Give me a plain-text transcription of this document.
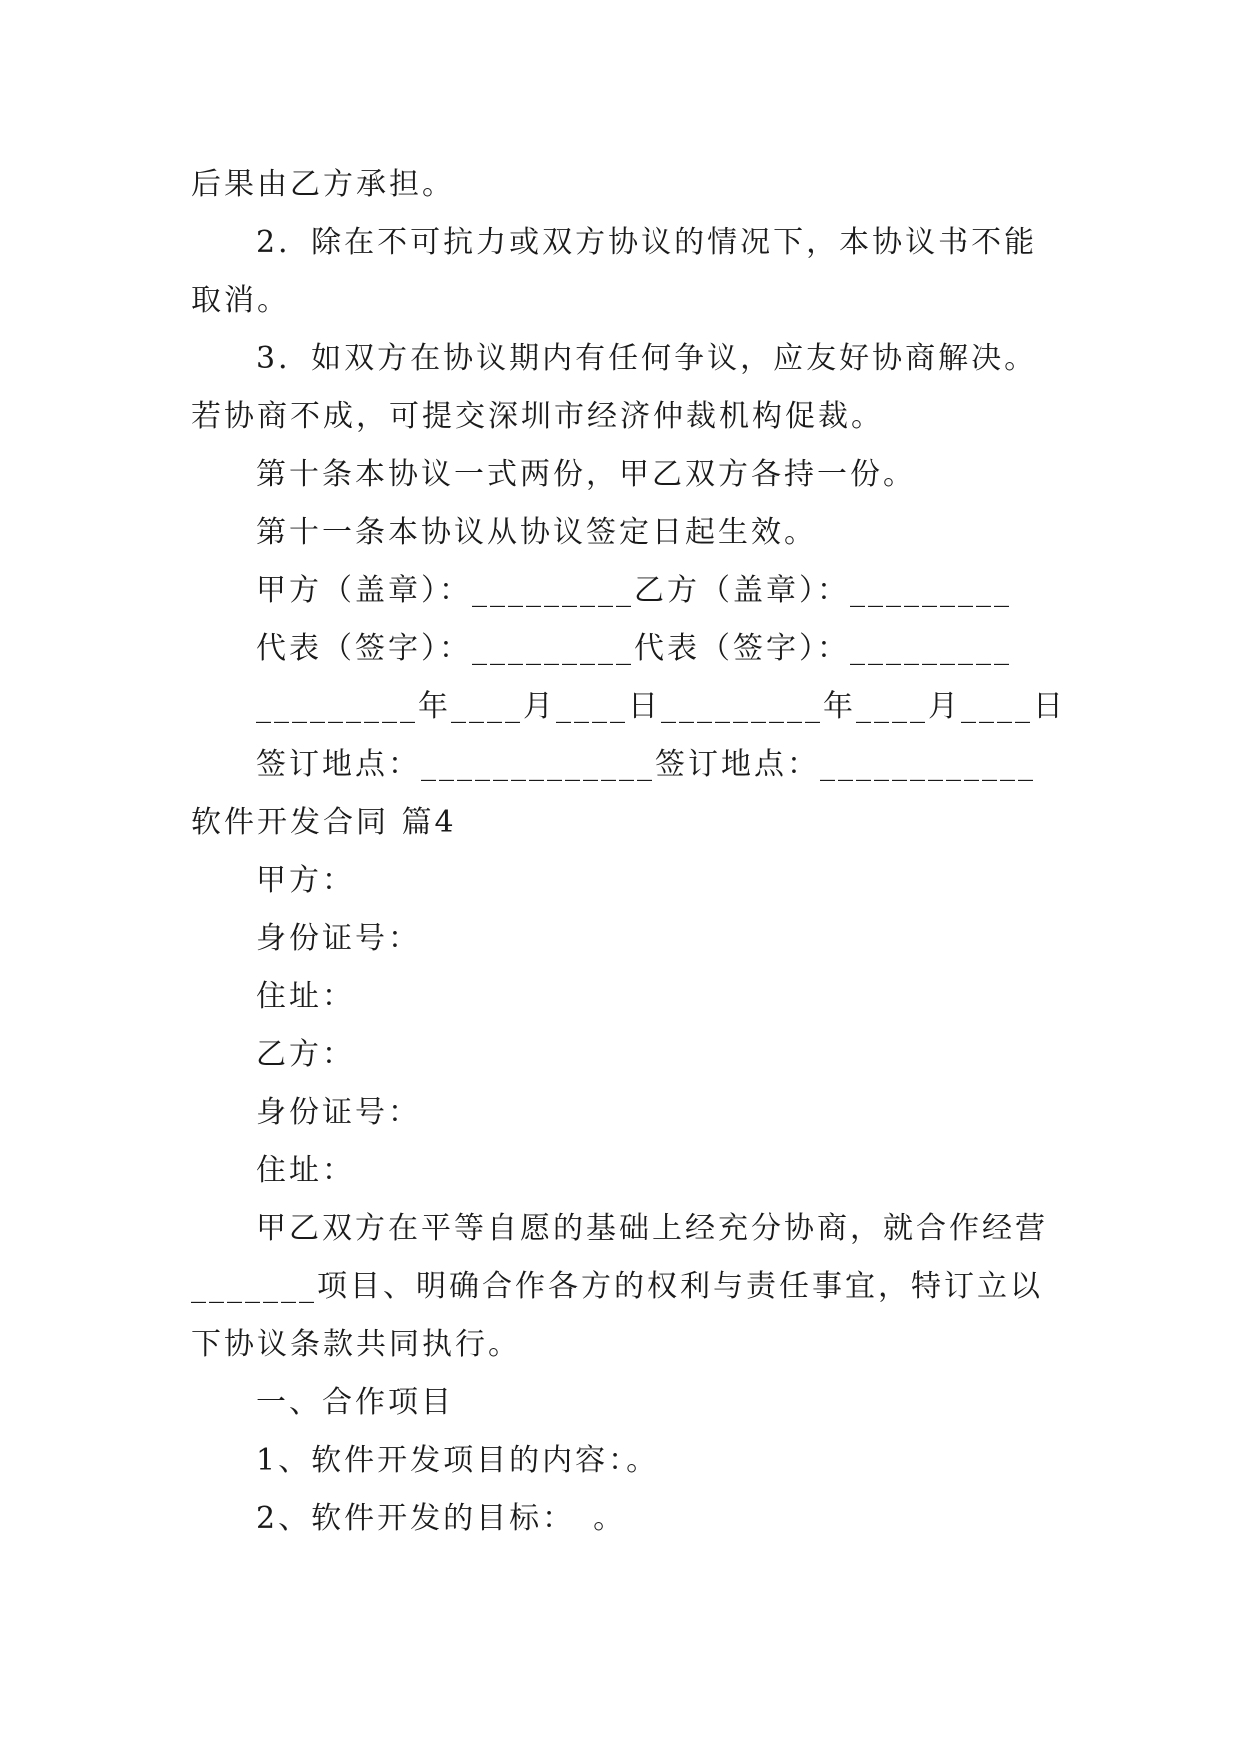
后果由乙方承担。
2．除在不可抗力或双方协议的情况下，本协议书不能
取消。
3．如双方在协议期内有任何争议，应友好协商解决。
若协商不成，可提交深圳市经济仲裁机构促裁。
第十条本协议一式两份，甲乙双方各持一份。
第十一条本协议从协议签定日起生效。
甲方（盖章）：_________乙方（盖章）：_________
代表（签字）：_________代表（签字）：_________
_________年____月____日_________年____月____日
签订地点：_____________签订地点：____________
软件开发合同 篇4
甲方：
身份证号：
住址：
乙方：
身份证号：
住址：
甲乙双方在平等自愿的基础上经充分协商，就合作经营
_______项目、明确合作各方的权利与责任事宜，特订立以
下协议条款共同执行。
一、合作项目
1、软件开发项目的内容：。
2、软件开发的目标：　。
